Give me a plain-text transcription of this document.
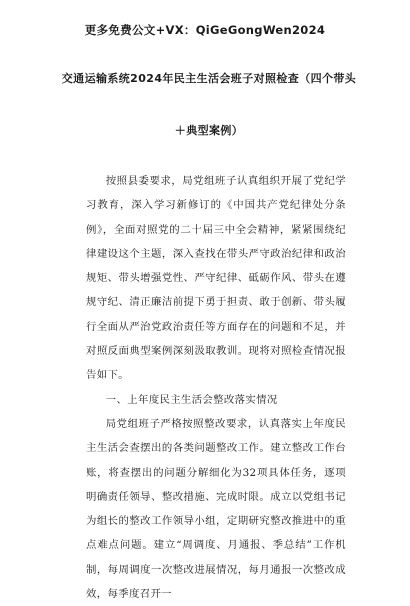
更多免费公文+VX：QiGeGongWen2024
交通运输系统2024年民主生活会班子对照检查（四个带头
＋典型案例）

按照县委要求，局党组班子认真组织开展了党纪学习教育，深入学习新修订的《中国共产党纪律处分条例》，全面对照党的二十届三中全会精神，紧紧围绕纪律建设这个主题，深入查找在带头严守政治纪律和政治规矩、带头增强党性、严守纪律、砥砺作风、带头在遵规守纪、清正廉洁前提下勇于担责、敢于创新、带头履行全面从严治党政治责任等方面存在的问题和不足，并对照反面典型案例深刻汲取教训。现将对照检查情况报告如下。

一、上年度民主生活会整改落实情况

局党组班子严格按照整改要求，认真落实上年度民主生活会查摆出的各类问题整改工作。建立整改工作台账，将查摆出的问题分解细化为32项具体任务，逐项明确责任领导、整改措施、完成时限。成立以党组书记为组长的整改工作领导小组，定期研究整改推进中的重点难点问题。建立“周调度、月通报、季总结”工作机制，每周调度一次整改进展情况，每月通报一次整改成效，每季度召开一
